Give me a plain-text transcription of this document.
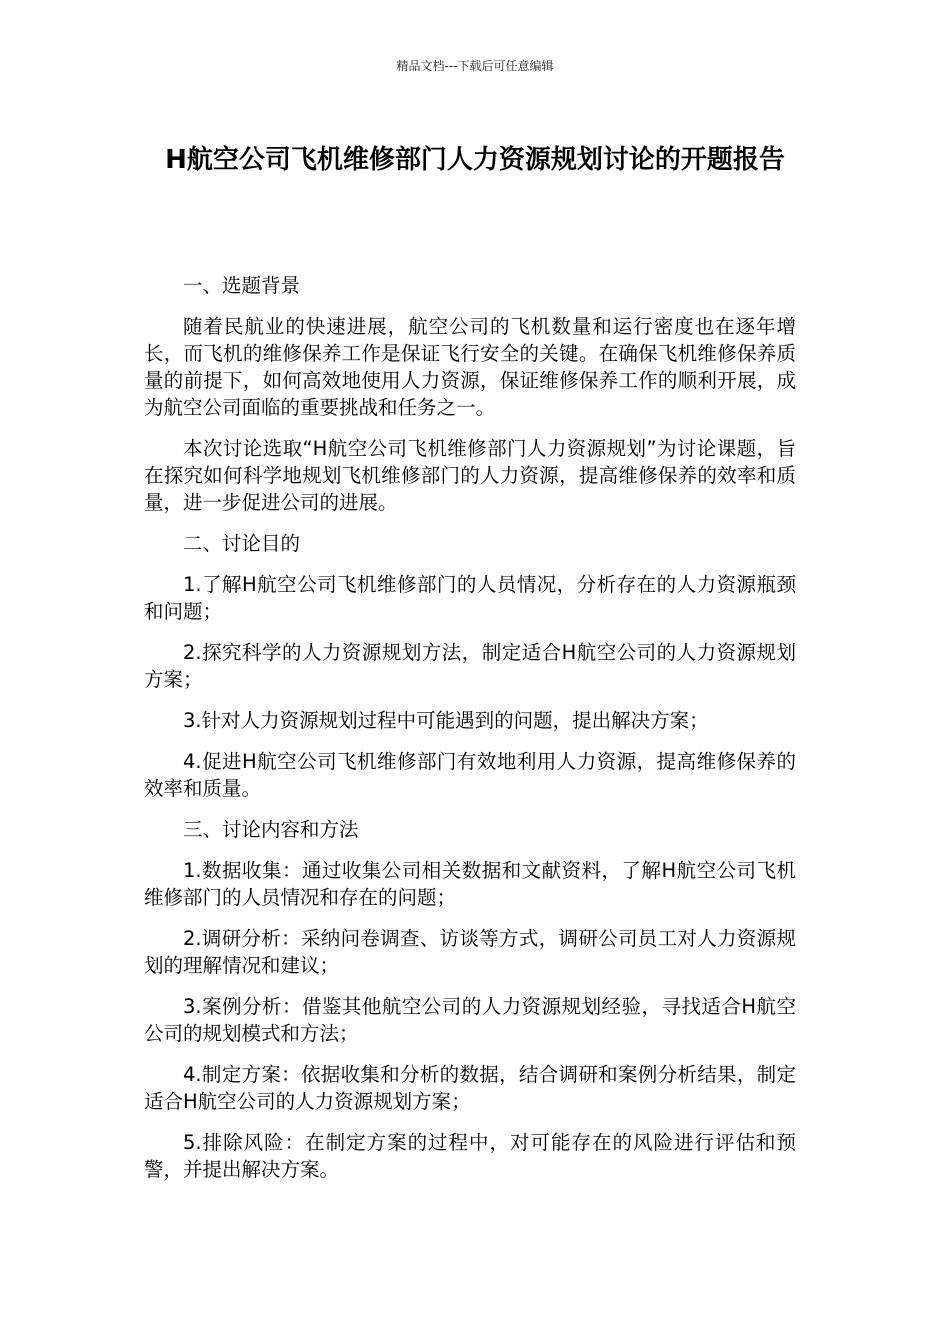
精品文档---下载后可任意编辑
H航空公司飞机维修部门人力资源规划讨论的开题报告

一、选题背景

随着民航业的快速进展，航空公司的飞机数量和运行密度也在逐年增长，而飞机的维修保养工作是保证飞行安全的关键。在确保飞机维修保养质量的前提下，如何高效地使用人力资源，保证维修保养工作的顺利开展，成为航空公司面临的重要挑战和任务之一。

本次讨论选取“H航空公司飞机维修部门人力资源规划”为讨论课题，旨在探究如何科学地规划飞机维修部门的人力资源，提高维修保养的效率和质量，进一步促进公司的进展。

二、讨论目的

1.了解H航空公司飞机维修部门的人员情况，分析存在的人力资源瓶颈和问题；

2.探究科学的人力资源规划方法，制定适合H航空公司的人力资源规划方案；

3.针对人力资源规划过程中可能遇到的问题，提出解决方案；

4.促进H航空公司飞机维修部门有效地利用人力资源，提高维修保养的效率和质量。

三、讨论内容和方法

1.数据收集：通过收集公司相关数据和文献资料，了解H航空公司飞机维修部门的人员情况和存在的问题；

2.调研分析：采纳问卷调查、访谈等方式，调研公司员工对人力资源规划的理解情况和建议；

3.案例分析：借鉴其他航空公司的人力资源规划经验，寻找适合H航空公司的规划模式和方法；

4.制定方案：依据收集和分析的数据，结合调研和案例分析结果，制定适合H航空公司的人力资源规划方案；

5.排除风险：在制定方案的过程中，对可能存在的风险进行评估和预警，并提出解决方案。
